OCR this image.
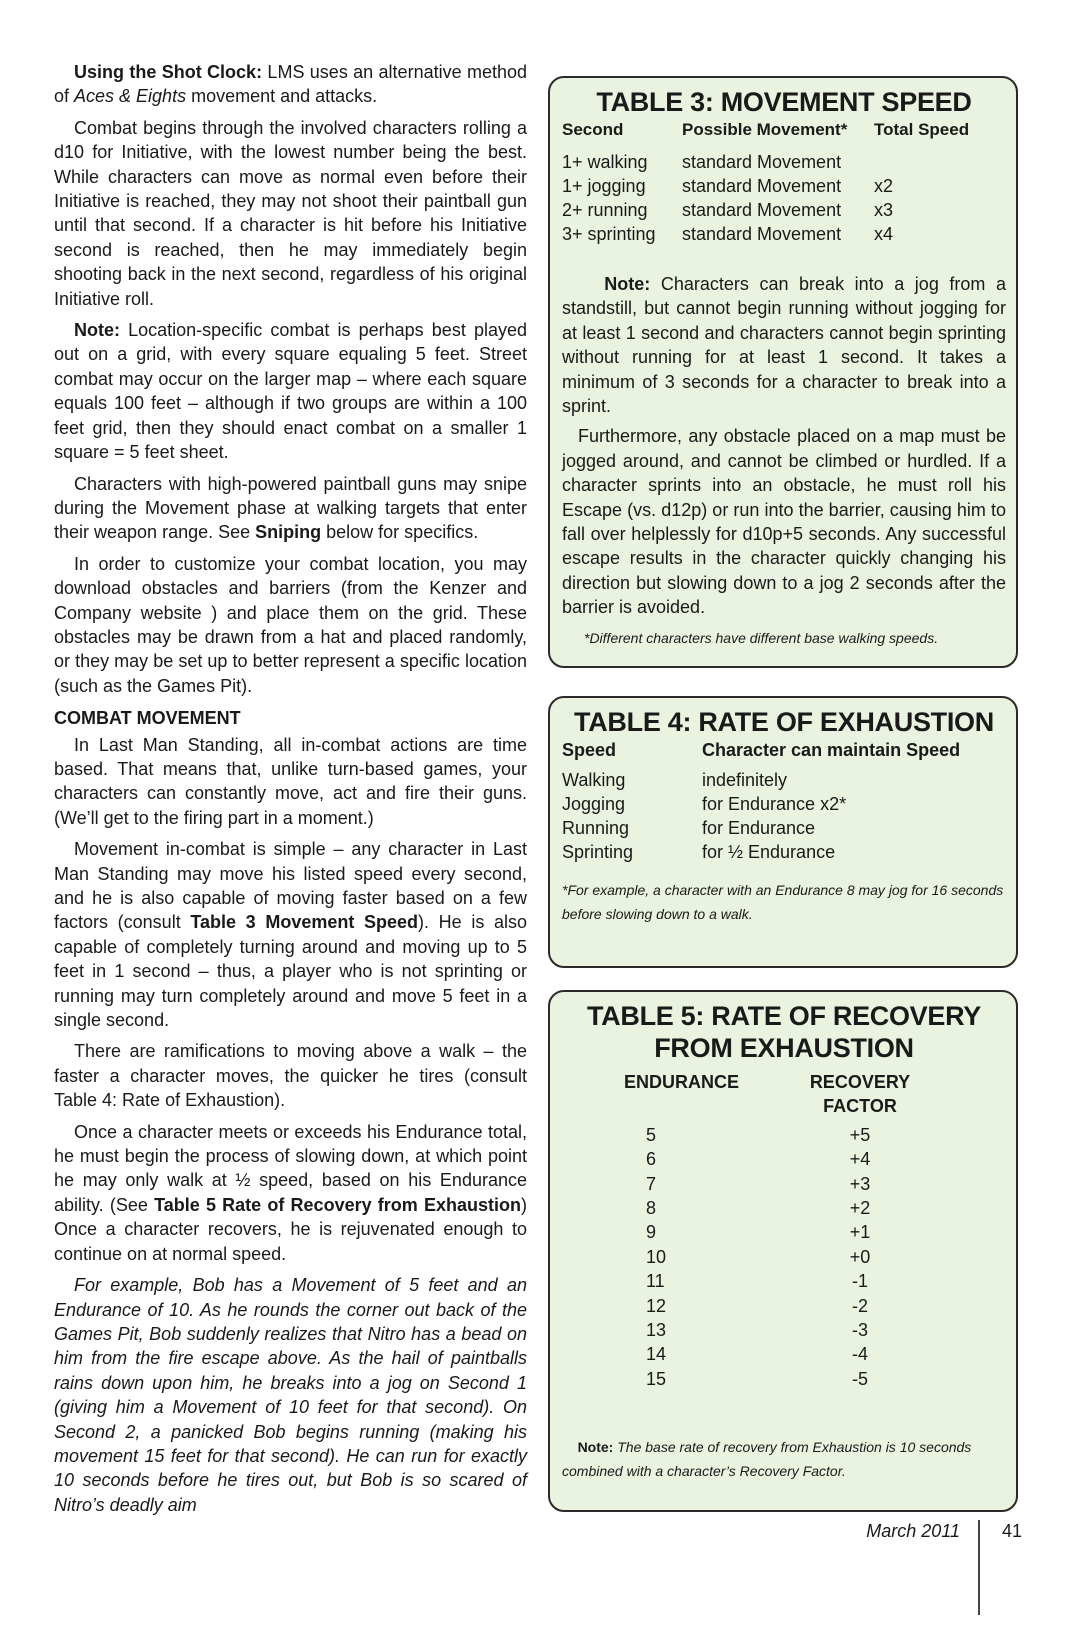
Using the Shot Clock: LMS uses an alternative method of Aces & Eights movement and attacks.

Combat begins through the involved characters rolling a d10 for Initiative, with the lowest number being the best. While characters can move as normal even before their Initiative is reached, they may not shoot their paintball gun until that second. If a character is hit before his Initiative second is reached, then he may immediately begin shooting back in the next second, regardless of his original Initiative roll.

Note: Location-specific combat is perhaps best played out on a grid, with every square equaling 5 feet. Street combat may occur on the larger map – where each square equals 100 feet – although if two groups are within a 100 feet grid, then they should enact combat on a smaller 1 square = 5 feet sheet.

Characters with high-powered paintball guns may snipe during the Movement phase at walking targets that enter their weapon range. See Sniping below for specifics.

In order to customize your combat location, you may download obstacles and barriers (from the Kenzer and Company website ) and place them on the grid. These obstacles may be drawn from a hat and placed randomly, or they may be set up to better represent a specific location (such as the Games Pit).

COMBAT MOVEMENT

In Last Man Standing, all in-combat actions are time based. That means that, unlike turn-based games, your characters can constantly move, act and fire their guns. (We’ll get to the firing part in a moment.)

Movement in-combat is simple – any character in Last Man Standing may move his listed speed every second, and he is also capable of moving faster based on a few factors (consult Table 3 Movement Speed). He is also capable of completely turning around and moving up to 5 feet in 1 second – thus, a player who is not sprinting or running may turn completely around and move 5 feet in a single second.

There are ramifications to moving above a walk – the faster a character moves, the quicker he tires (consult Table 4: Rate of Exhaustion).

Once a character meets or exceeds his Endurance total, he must begin the process of slowing down, at which point he may only walk at ½ speed, based on his Endurance ability. (See Table 5 Rate of Recovery from Exhaustion) Once a character recovers, he is rejuvenated enough to continue on at normal speed.

For example, Bob has a Movement of 5 feet and an Endurance of 10. As he rounds the corner out back of the Games Pit, Bob suddenly realizes that Nitro has a bead on him from the fire escape above. As the hail of paintballs rains down upon him, he breaks into a jog on Second 1 (giving him a Movement of 10 feet for that second). On Second 2, a panicked Bob begins running (making his movement 15 feet for that second). He can run for exactly 10 seconds before he tires out, but Bob is so scared of Nitro’s deadly aim

TABLE 3: MOVEMENT SPEED
Second	Possible Movement*	Total Speed
1+ walking	standard Movement
1+ jogging	standard Movement	x2
2+ running	standard Movement	x3
3+ sprinting	standard Movement	x4

Note: Characters can break into a jog from a standstill, but cannot begin running without jogging for at least 1 second and characters cannot begin sprinting without running for at least 1 second. It takes a minimum of 3 seconds for a character to break into a sprint.

Furthermore, any obstacle placed on a map must be jogged around, and cannot be climbed or hurdled. If a character sprints into an obstacle, he must roll his Escape (vs. d12p) or run into the barrier, causing him to fall over helplessly for d10p+5 seconds. Any successful escape results in the character quickly changing his direction but slowing down to a jog 2 seconds after the barrier is avoided.

*Different characters have different base walking speeds.
TABLE 4: RATE OF EXHAUSTION
Speed	Character can maintain Speed
Walking	indefinitely
Jogging	for Endurance x2*
Running	for Endurance
Sprinting	for ½ Endurance
*For example, a character with an Endurance 8 may jog for 16 seconds before slowing down to a walk.
TABLE 5: RATE OF RECOVERY
FROM EXHAUSTION
ENDURANCE	RECOVERY FACTOR
5	+5
6	+4
7	+3
8	+2
9	+1
10	+0
11	-1
12	-2
13	-3
14	-4
15	-5
Note: The base rate of recovery from Exhaustion is 10 seconds combined with a character’s Recovery Factor.
March 2011	41
